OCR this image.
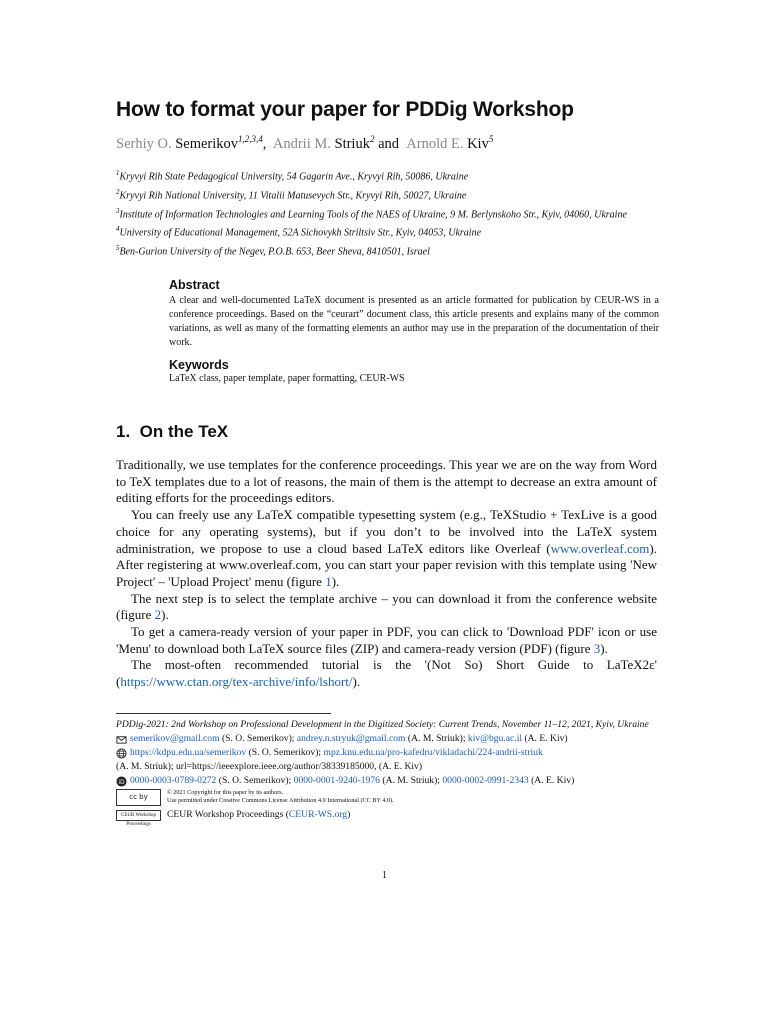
How to format your paper for PDDig Workshop
Serhiy O. Semerikov$^{1,2,3,4}$, Andrii M. Striuk$^2$ and Arnold E. Kiv$^5$
$^1$Kryvyi Rih State Pedagogical University, 54 Gagarin Ave., Kryvyi Rih, 50086, Ukraine
$^2$Kryvyi Rih National University, 11 Vitalii Matusevych Str., Kryvyi Rih, 50027, Ukraine
$^3$Institute of Information Technologies and Learning Tools of the NAES of Ukraine, 9 M. Berlynskoho Str., Kyiv, 04060, Ukraine
$^4$University of Educational Management, 52A Sichovykh Striltsiv Str., Kyiv, 04053, Ukraine
$^5$Ben-Gurion University of the Negev, P.O.B. 653, Beer Sheva, 8410501, Israel

Abstract

A clear and well-documented LaTeX document is presented as an article formatted for publication by CEUR-WS in a conference proceedings. Based on the “ceurart” document class, this article presents and explains many of the common variations, as well as many of the formatting elements an author may use in the preparation of the documentation of their work.

Keywords

LaTeX class, paper template, paper formatting, CEUR-WS

1. On the TeX

Traditionally, we use templates for the conference proceedings. This year we are on the way from Word to TeX templates due to a lot of reasons, the main of them is the attempt to decrease an extra amount of editing efforts for the proceedings editors.

You can freely use any LaTeX compatible typesetting system (e.g., TeXStudio + TexLive is a good choice for any operating systems), but if you don’t to be involved into the LaTeX system administration, we propose to use a cloud based LaTeX editors like Overleaf (www.overleaf.com). After registering at www.overleaf.com, you can start your paper revision with this template using 'New Project' – 'Upload Project' menu (figure 1).

The next step is to select the template archive – you can download it from the conference website (figure 2).

To get a camera-ready version of your paper in PDF, you can click to 'Download PDF' icon or use 'Menu' to download both LaTeX source files (ZIP) and camera-ready version (PDF) (figure 3).

The most-often recommended tutorial is the '(Not So) Short Guide to LaTeX2ε' (https://www.ctan.org/tex-archive/info/lshort/).

PDDig-2021: 2nd Workshop on Professional Development in the Digitized Society: Current Trends, November 11–12, 2021, Kyiv, Ukraine
semerikov@gmail.com
(S. O. Semerikov);
andrey.n.stryuk@gmail.com
(A. M. Striuk);
kiv@bgu.ac.il
(A. E. Kiv)
https://kdpu.edu.ua/semerikov
(S. O. Semerikov);
mpz.knu.edu.ua/pro-kafedru/vikladachi/224-andrii-striuk
(A. M. Striuk); url=https://ieeexplore.ieee.org/author/38339185000, (A. E. Kiv)
iD 0000-0003-0789-0272
(S. O. Semerikov);
0000-0001-9240-1976
(A. M. Striuk);
0000-0002-0991-2343
(A. E. Kiv)
cc by
© 2021 Copyright for this paper by its authors.
Use permitted under Creative Commons License Attribution 4.0 International (CC BY 4.0).
CEUR Workshop Proceedings
CEUR Workshop Proceedings ( CEUR-WS.org )
1
